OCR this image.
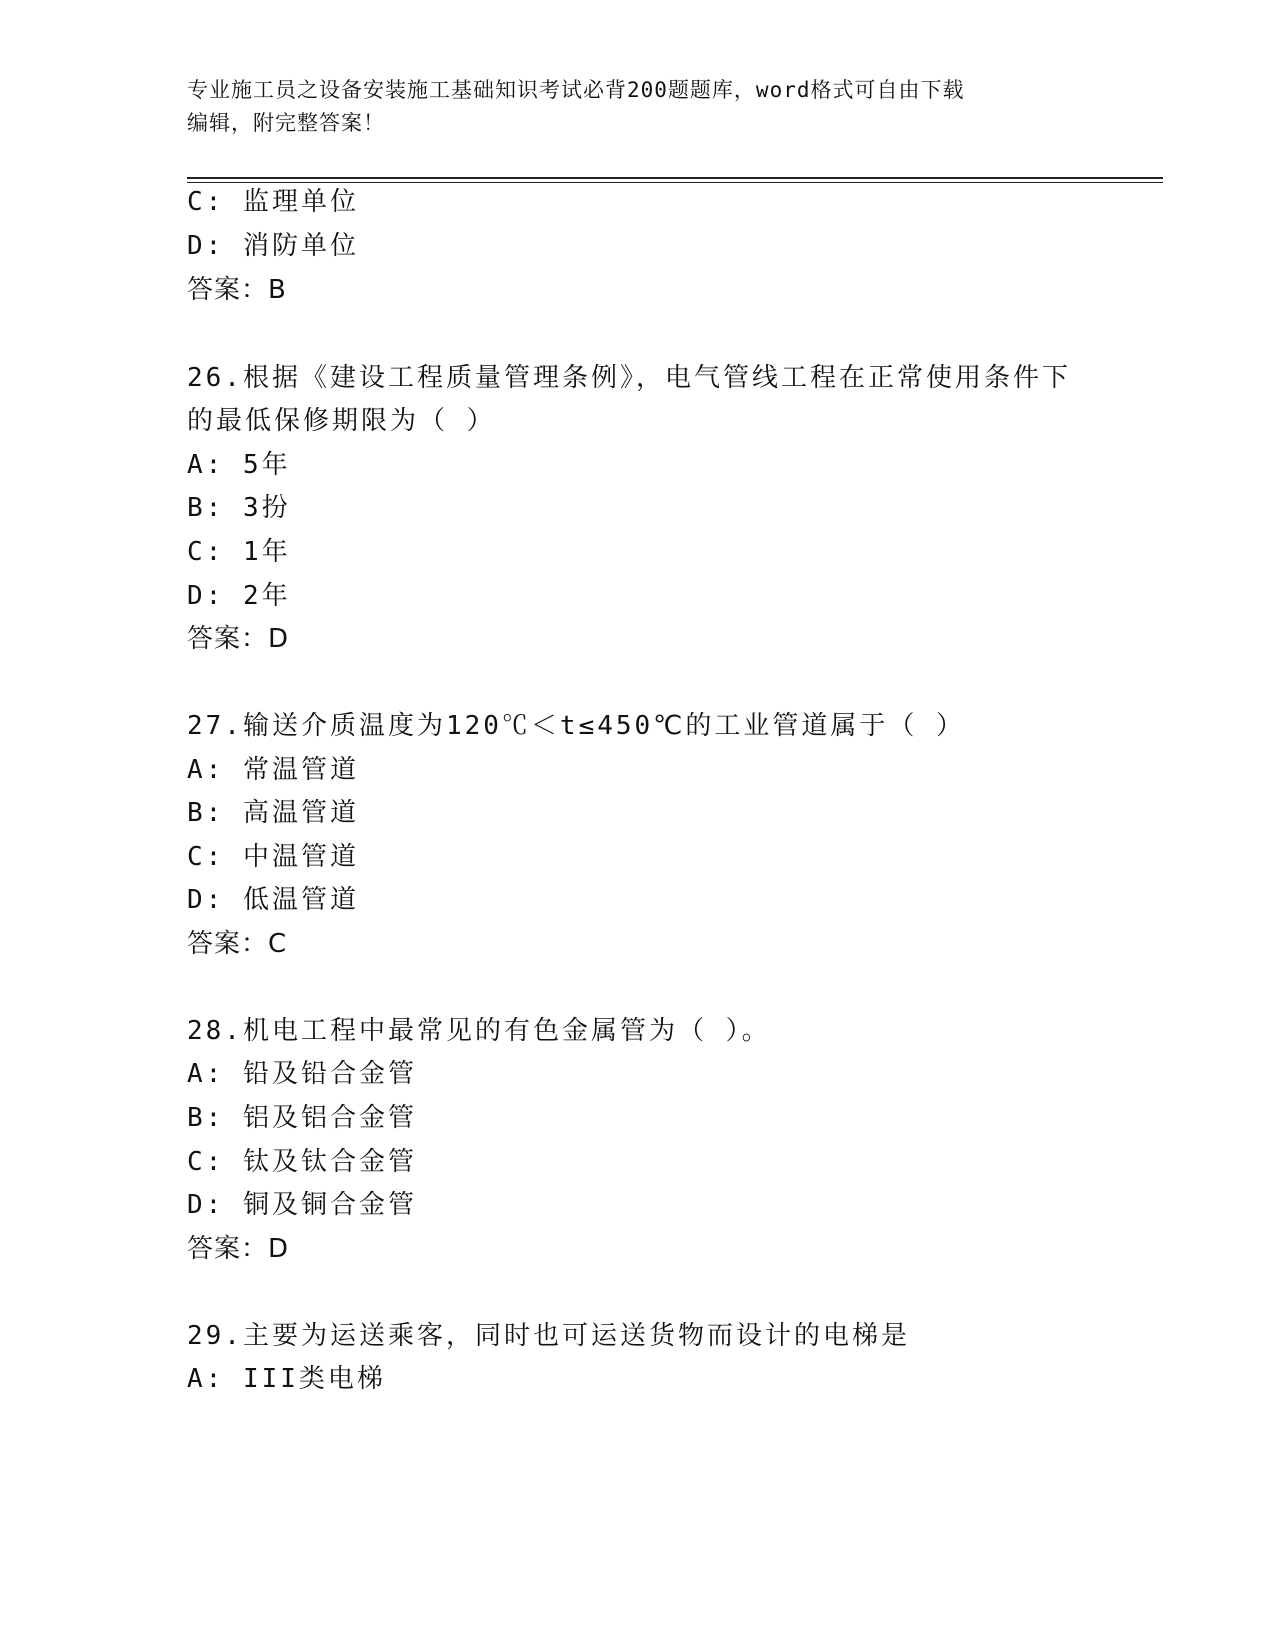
专业施工员之设备安装施工基础知识考试必背200题题库，word格式可自由下载
编辑，附完整答案！
C: 监理单位
D: 消防单位
答案：B
26.根据《建设工程质量管理条例》，电气管线工程在正常使用条件下
的最低保修期限为（ ）
A: 5年
B: 3扮
C: 1年
D: 2年
答案：D
27.输送介质温度为120℃＜t≤450℃的工业管道属于（ ）
A: 常温管道
B: 高温管道
C: 中温管道
D: 低温管道
答案：C
28.机电工程中最常见的有色金属管为（ ）。
A: 铅及铅合金管
B: 铝及铝合金管
C: 钛及钛合金管
D: 铜及铜合金管
答案：D
29.主要为运送乘客，同时也可运送货物而设计的电梯是
A: III类电梯
